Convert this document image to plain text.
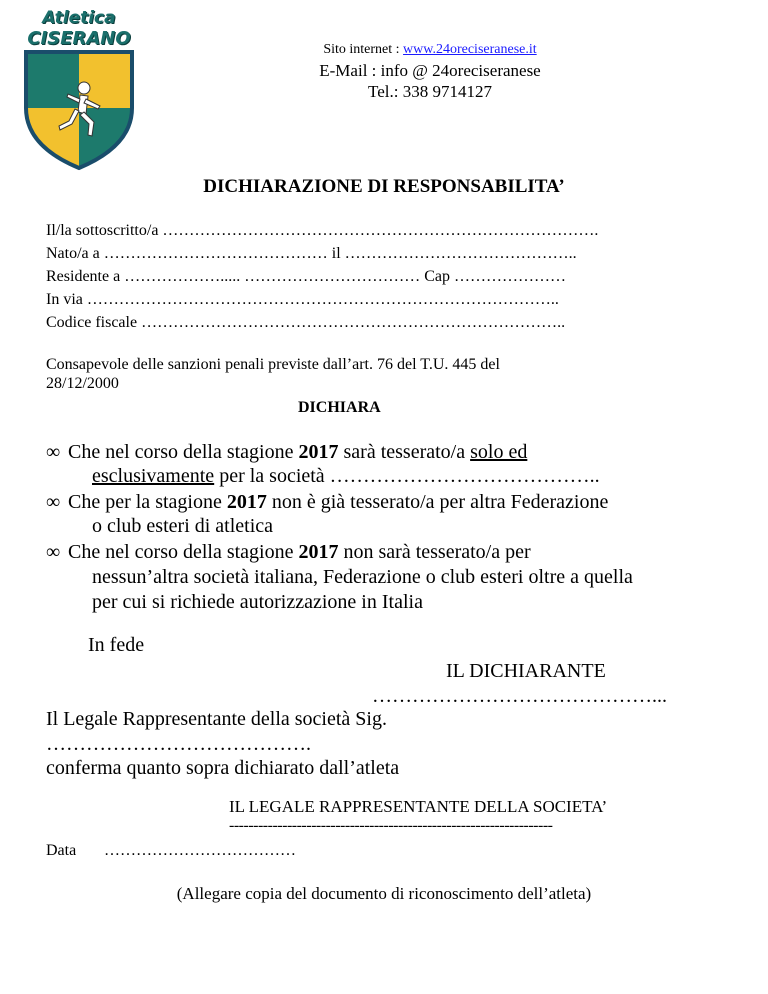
Atletica
CISERANO
Sito internet : www.24oreciseranese.it
E-Mail : info @ 24oreciseranese
Tel.: 338 9714127
DICHIARAZIONE DI RESPONSABILITA’
Il/la sottoscritto/a ……………………………………………………………………….
Nato/a a …………………………………… il ……………………………………..
Residente a ………………..... …………………………… Cap …………………
In via ……………………………………………………………………………..
Codice fiscale ……………………………………………………………………..
Consapevole delle sanzioni penali previste dall’art. 76 del T.U. 445 del
28/12/2000
DICHIARA
∞ Che nel corso della stagione 2017 sarà tesserato/a solo ed
esclusivamente per la società …………………………………..
∞ Che per la stagione 2017 non è già tesserato/a per altra Federazione
o club esteri di atletica
∞ Che nel corso della stagione 2017 non sarà tesserato/a per
nessun’altra società italiana, Federazione o club esteri oltre a quella
per cui si richiede autorizzazione in Italia
In fede
IL DICHIARANTE
……………………………………...
Il Legale Rappresentante della società Sig.
………………………………….
conferma quanto sopra dichiarato dall’atleta
IL LEGALE RAPPRESENTANTE DELLA SOCIETA’
-------------------------------------------------------------------
Data ………………………………
(Allegare copia del documento di riconoscimento dell’atleta)
